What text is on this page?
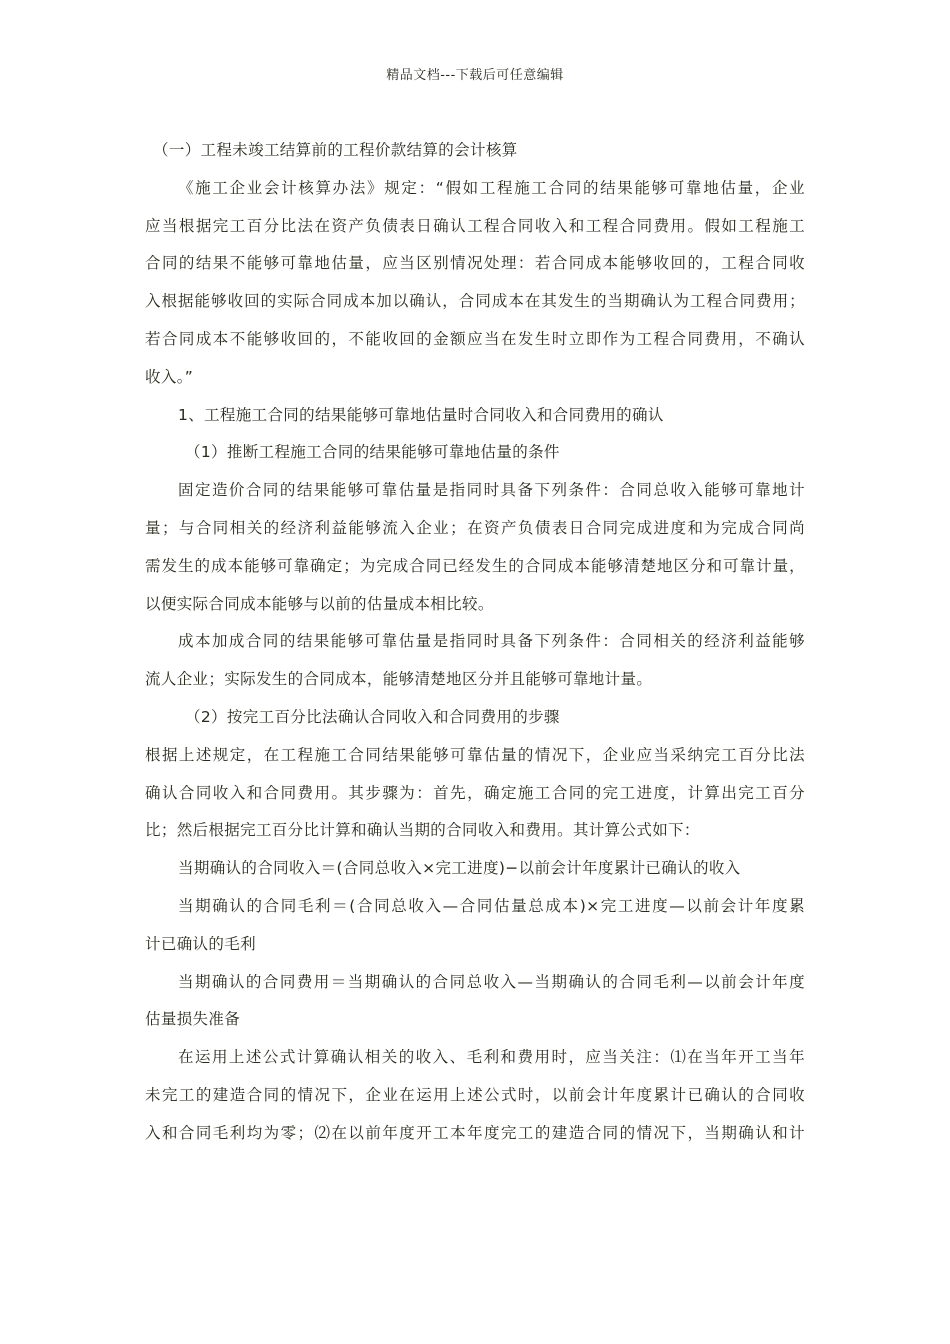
精品文档---下载后可任意编辑
（一）工程未竣工结算前的工程价款结算的会计核算
《施工企业会计核算办法》规定：“假如工程施工合同的结果能够可靠地估量，企业
应当根据完工百分比法在资产负债表日确认工程合同收入和工程合同费用。假如工程施工
合同的结果不能够可靠地估量，应当区别情况处理：若合同成本能够收回的，工程合同收
入根据能够收回的实际合同成本加以确认，合同成本在其发生的当期确认为工程合同费用；
若合同成本不能够收回的，不能收回的金额应当在发生时立即作为工程合同费用，不确认
收入。”
1、工程施工合同的结果能够可靠地估量时合同收入和合同费用的确认
（1）推断工程施工合同的结果能够可靠地估量的条件
固定造价合同的结果能够可靠估量是指同时具备下列条件：合同总收入能够可靠地计
量；与合同相关的经济利益能够流入企业；在资产负债表日合同完成进度和为完成合同尚
需发生的成本能够可靠确定；为完成合同已经发生的合同成本能够清楚地区分和可靠计量，
以便实际合同成本能够与以前的估量成本相比较。
成本加成合同的结果能够可靠估量是指同时具备下列条件：合同相关的经济利益能够
流人企业；实际发生的合同成本，能够清楚地区分并且能够可靠地计量。
（2）按完工百分比法确认合同收入和合同费用的步骤
根据上述规定，在工程施工合同结果能够可靠估量的情况下，企业应当采纳完工百分比法
确认合同收入和合同费用。其步骤为：首先，确定施工合同的完工进度，计算出完工百分
比；然后根据完工百分比计算和确认当期的合同收入和费用。其计算公式如下：
当期确认的合同收入＝(合同总收入×完工进度)−以前会计年度累计已确认的收入
当期确认的合同毛利＝(合同总收入—合同估量总成本)×完工进度—以前会计年度累
计已确认的毛利
当期确认的合同费用＝当期确认的合同总收入—当期确认的合同毛利—以前会计年度
估量损失准备
在运用上述公式计算确认相关的收入、毛利和费用时，应当关注：⑴在当年开工当年
未完工的建造合同的情况下，企业在运用上述公式时，以前会计年度累计已确认的合同收
入和合同毛利均为零；⑵在以前年度开工本年度完工的建造合同的情况下，当期确认和计
